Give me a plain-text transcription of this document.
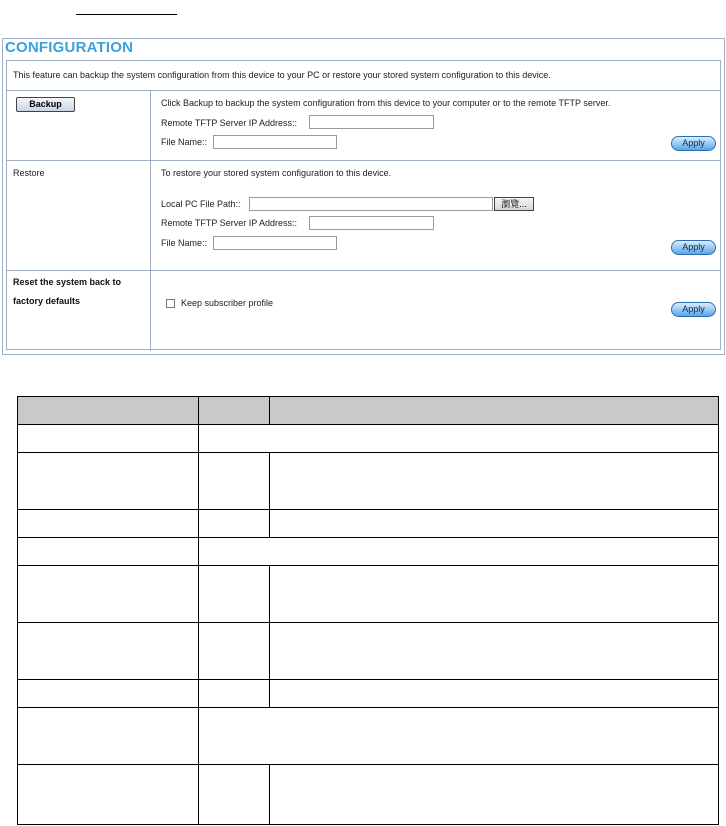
CONFIGURATION
This feature can backup the system configuration from this device to your PC or restore your stored system configuration to this device.
Backup	Click Backup to backup the system configuration from this device to your computer or to the remote TFTP server.
Remote TFTP Server IP Address::
File Name::	Apply
Restore	To restore your stored system configuration to this device.
Local PC File Path::	瀏覽...
Remote TFTP Server IP Address::
File Name::	Apply
Reset the system back to
factory defaults	Keep subscriber profile
Apply
